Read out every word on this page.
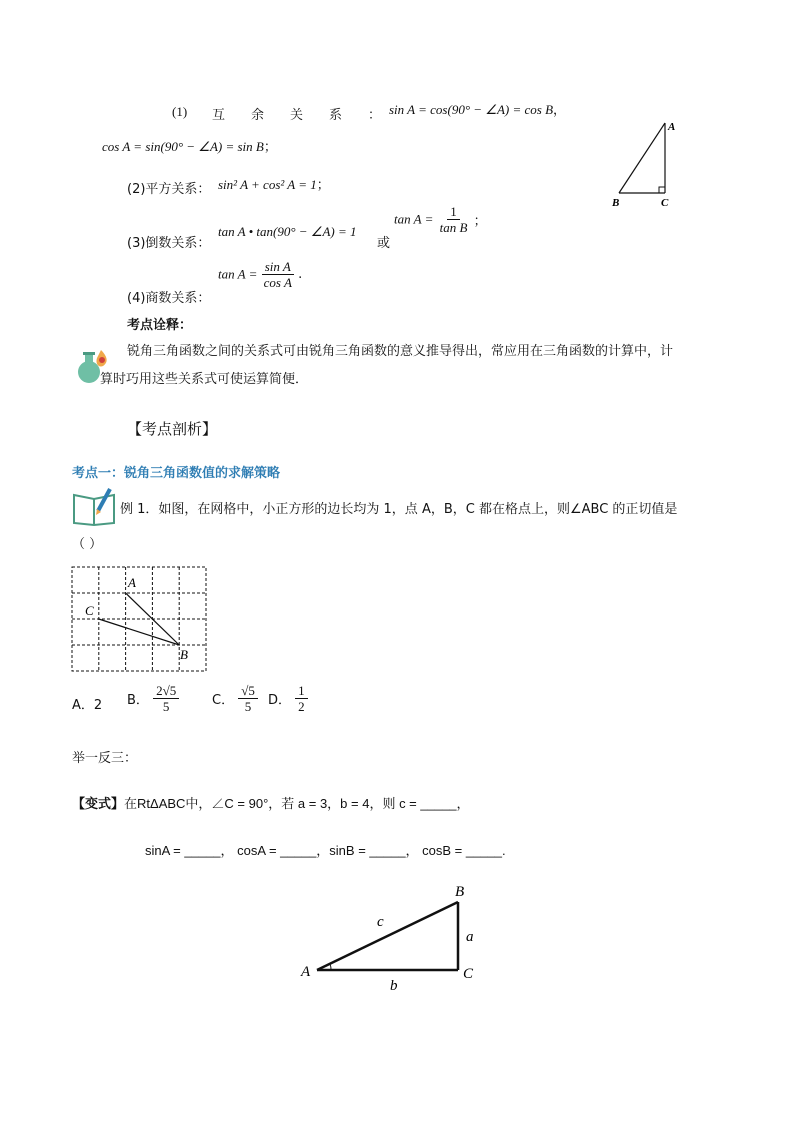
(1) 互余关系：
sin A = cos(90° − ∠A) = cos B，
cos A = sin(90° − ∠A) = sin B；
(2)平方关系： sin² A + cos² A = 1；
(3)倒数关系：
tan A • tan(90° − ∠A) = 1
或
$\tan A = \frac{1}{\text{tan B}}$ ；
(4)商数关系：
$\tan A = \frac{\text{sin A}}{\text{cos A}}$ .
A
B	C
考点诠释：
锐角三角函数之间的关系式可由锐角三角函数的意义推导得出，常应用在三角函数的计算中，计
算时巧用这些关系式可使运算简便．
【考点剖析】
考点一：锐角三角函数值的求解策略
例 1．如图，在网格中，小正方形的边长均为 1，点 A，B，C 都在格点上，则∠ABC 的正切值是
（ ）
A
C
B
A．2 B． $\frac{2√5}{5}$	C． $\frac{√5}{5}$ D． $\frac{1}{2}$
举一反三：
【变式】在RtΔABC中，∠C = 90°，若 a = 3，b = 4，则 c = _____，
sinA = _____， cosA = _____，sinB = _____， cosB = _____.
B
A	C
c
a
b
